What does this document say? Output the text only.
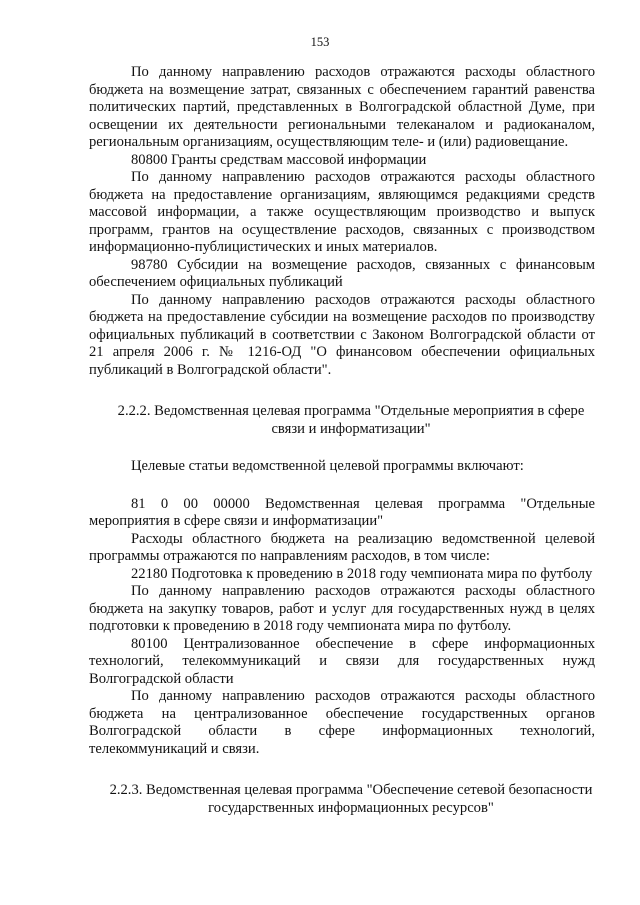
153

По данному направлению расходов отражаются расходы областного бюджета на возмещение затрат, связанных с обеспечением гарантий равенства политических партий, представленных в Волгоградской областной Думе, при освещении их деятельности региональными телеканалом и радиоканалом, региональным организациям, осуществляющим теле- и (или) радиовещание.

80800 Гранты средствам массовой информации

По данному направлению расходов отражаются расходы областного бюджета на предоставление организациям, являющимся редакциями средств массовой информации, а также осуществляющим производство и выпуск программ, грантов на осуществление расходов, связанных с производством информационно-публицистических и иных материалов.

98780 Субсидии на возмещение расходов, связанных с финансовым обеспечением официальных публикаций

По данному направлению расходов отражаются расходы областного бюджета на предоставление субсидии на возмещение расходов по производству официальных публикаций в соответствии с Законом Волгоградской области от 21 апреля 2006 г. № 1216-ОД "О финансовом обеспечении официальных публикаций в Волгоградской области".

2.2.2. Ведомственная целевая программа "Отдельные мероприятия в сфере связи и информатизации"

Целевые статьи ведомственной целевой программы включают:

81 0 00 00000 Ведомственная целевая программа "Отдельные мероприятия в сфере связи и информатизации"

Расходы областного бюджета на реализацию ведомственной целевой программы отражаются по направлениям расходов, в том числе:

22180 Подготовка к проведению в 2018 году чемпионата мира по футболу

По данному направлению расходов отражаются расходы областного бюджета на закупку товаров, работ и услуг для государственных нужд в целях подготовки к проведению в 2018 году чемпионата мира по футболу.

80100 Централизованное обеспечение в сфере информационных технологий, телекоммуникаций и связи для государственных нужд Волгоградской области

По данному направлению расходов отражаются расходы областного бюджета на централизованное обеспечение государственных органов Волгоградской области в сфере информационных технологий, телекоммуникаций и связи.

2.2.3. Ведомственная целевая программа "Обеспечение сетевой безопасности государственных информационных ресурсов"
